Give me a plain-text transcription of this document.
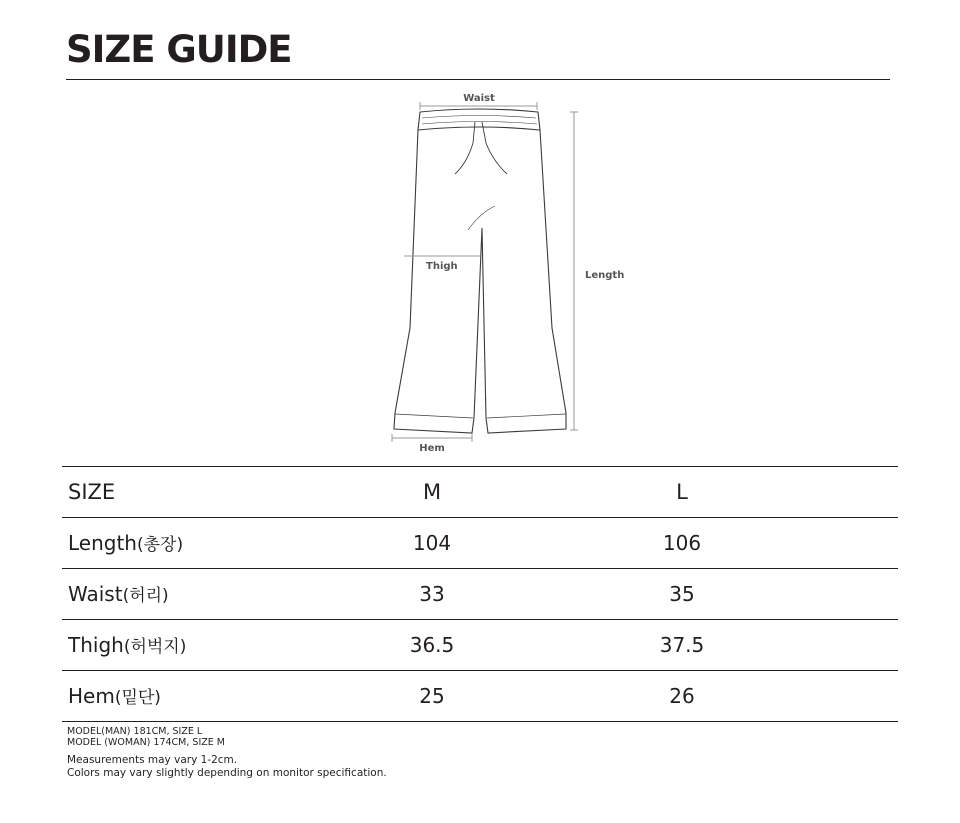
SIZE GUIDE
Waist
Thigh
Length
Hem
SIZE	M	L
Length(총장)	104	106
Waist(허리)	33	35
Thigh(허벅지)	36.5	37.5
Hem(밑단)	25	26
MODEL(MAN) 181CM, SIZE L
MODEL (WOMAN) 174CM, SIZE M
Measurements may vary 1-2cm.
Colors may vary slightly depending on monitor specification.
